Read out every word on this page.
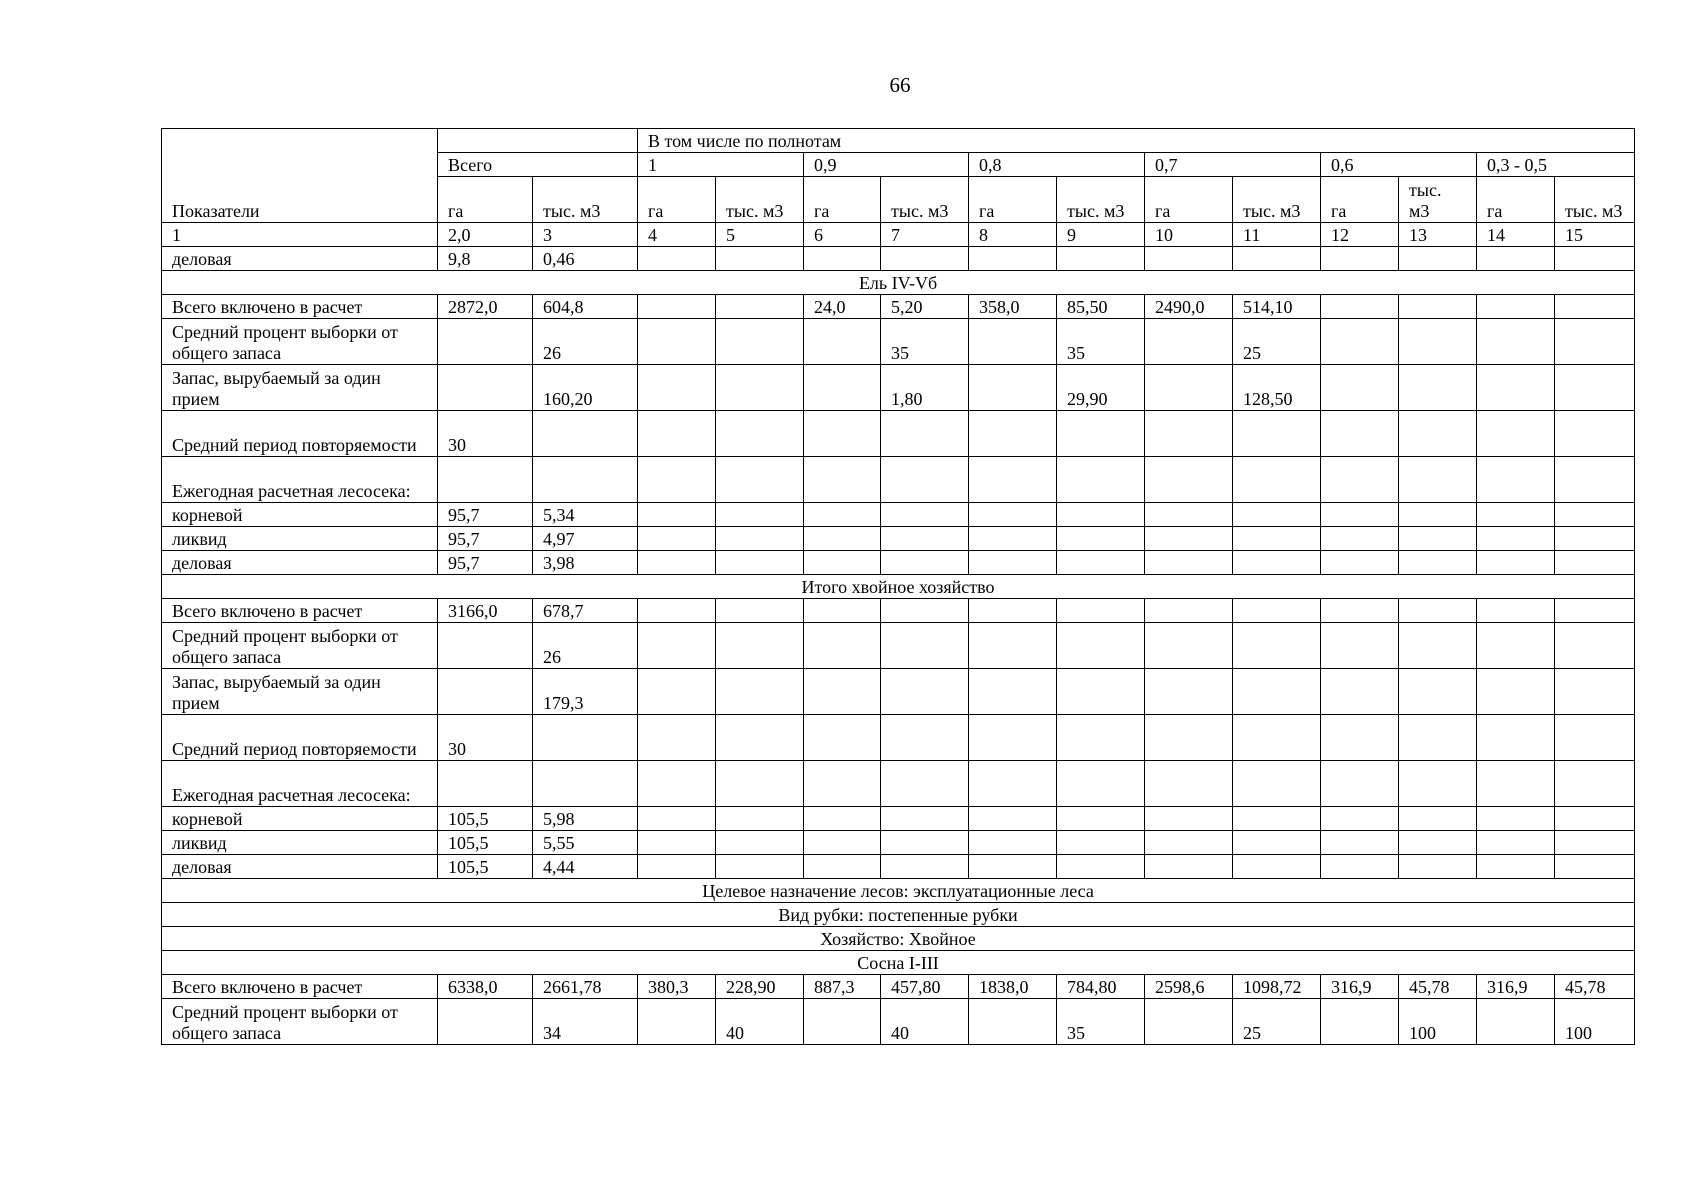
66
Показатели			В том числе по полнотам											
	Всего		1		0,9		0,8		0,7		0,6		0,3 - 0,5	
	га	тыс. м3	га	тыс. м3	га	тыс. м3	га	тыс. м3	га	тыс. м3	га	тыс. м3	га	тыс. м3
1	2,0	3	4	5	6	7	8	9	10	11	12	13	14	15
деловая	9,8	0,46												
Ель IV-Vб														
Всего включено в расчет	2872,0	604,8			24,0	5,20	358,0	85,50	2490,0	514,10				
Средний процент выборки от общего запаса		26				35		35		25				
Запас, вырубаемый за один прием		160,20				1,80		29,90		128,50				
Средний период повторяемости	30													
Ежегодная расчетная лесосека:														
корневой	95,7	5,34												
ликвид	95,7	4,97												
деловая	95,7	3,98												
Итого хвойное хозяйство														
Всего включено в расчет	3166,0	678,7												
Средний процент выборки от общего запаса		26												
Запас, вырубаемый за один прием		179,3												
Средний период повторяемости	30													
Ежегодная расчетная лесосека:														
корневой	105,5	5,98												
ликвид	105,5	5,55												
деловая	105,5	4,44												
Целевое назначение лесов: эксплуатационные леса														
Вид рубки: постепенные рубки														
Хозяйство: Хвойное														
Сосна I-III														
Всего включено в расчет	6338,0	2661,78	380,3	228,90	887,3	457,80	1838,0	784,80	2598,6	1098,72	316,9	45,78	316,9	45,78
Средний процент выборки от общего запаса		34		40		40		35		25		100		100
